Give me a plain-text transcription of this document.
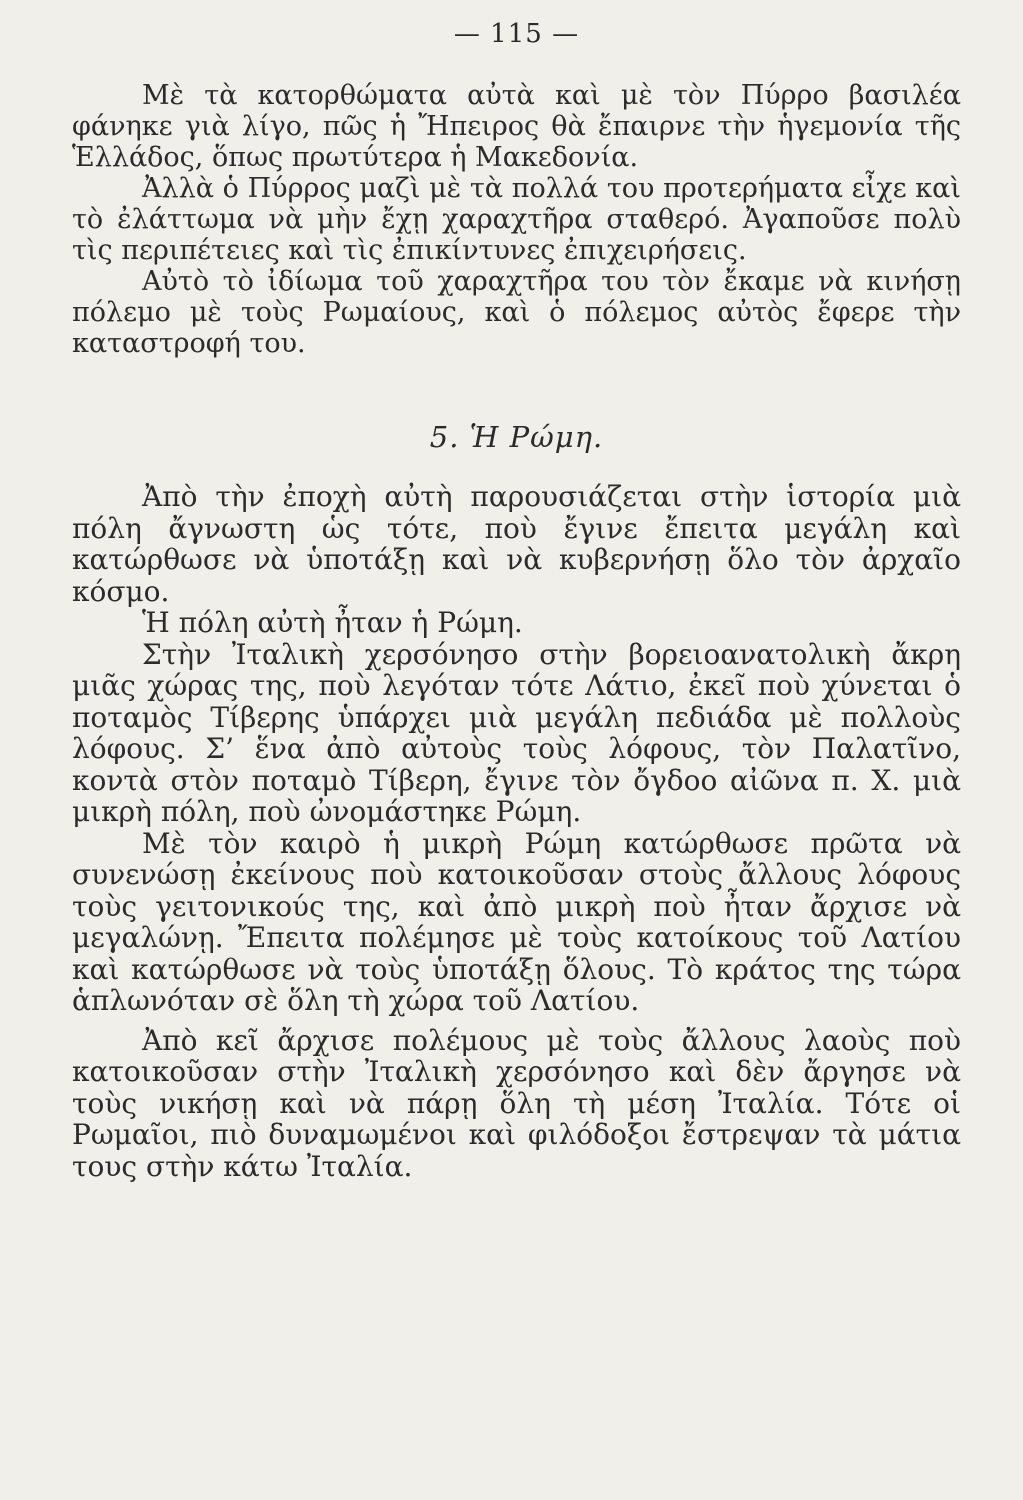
— 115 —

Μὲ τὰ κατορθώματα αὐτὰ καὶ μὲ τὸν Πύρρο βασιλέα φάνηκε γιὰ λίγο, πῶς ἡ Ἤπειρος θὰ ἔπαιρνε τὴν ἡγεμονία τῆς Ἑλλάδος, ὅπως πρωτύτερα ἡ Μακεδονία.

Ἀλλὰ ὁ Πύρρος μαζὶ μὲ τὰ πολλά του προτερήματα εἶχε καὶ τὸ ἐλάττωμα νὰ μὴν ἔχῃ χαραχτῆρα σταθερό. Ἀγαποῦσε πολὺ τὶς περιπέτειες καὶ τὶς ἐπικίντυνες ἐπιχειρήσεις.

Αὐτὸ τὸ ἰδίωμα τοῦ χαραχτῆρα του τὸν ἔκαμε νὰ κινήσῃ πόλεμο μὲ τοὺς Ρωμαίους, καὶ ὁ πόλεμος αὐτὸς ἔφερε τὴν καταστροφή του.

5. Ἡ Ρώμη.

Ἀπὸ τὴν ἐποχὴ αὐτὴ παρουσιάζεται στὴν ἱστορία μιὰ πόλη ἄγνωστη ὡς τότε, ποὺ ἔγινε ἔπειτα μεγάλη καὶ κατώρθωσε νὰ ὑποτάξῃ καὶ νὰ κυβερνήσῃ ὅλο τὸν ἀρχαῖο κόσμο.

Ἡ πόλη αὐτὴ ἦταν ἡ Ρώμη.

Στὴν Ἰταλικὴ χερσόνησο στὴν βορειοανατολικὴ ἄκρη μιᾶς χώρας της, ποὺ λεγόταν τότε Λάτιο, ἐκεῖ ποὺ χύνεται ὁ ποταμὸς Τίβερης ὑπάρχει μιὰ μεγάλη πεδιάδα μὲ πολλοὺς λόφους. Σ’ ἕνα ἀπὸ αὐτοὺς τοὺς λόφους, τὸν Παλατῖνο, κοντὰ στὸν ποταμὸ Τίβερη, ἔγινε τὸν ὄγδοο αἰῶνα π. Χ. μιὰ μικρὴ πόλη, ποὺ ὠνομάστηκε Ρώμη.

Μὲ τὸν καιρὸ ἡ μικρὴ Ρώμη κατώρθωσε πρῶτα νὰ συνενώσῃ ἐκείνους ποὺ κατοικοῦσαν στοὺς ἄλλους λόφους τοὺς γειτονικούς της, καὶ ἀπὸ μικρὴ ποὺ ἦταν ἄρχισε νὰ μεγαλώνῃ. Ἔπειτα πολέμησε μὲ τοὺς κατοίκους τοῦ Λατίου καὶ κατώρθωσε νὰ τοὺς ὑποτάξῃ ὅλους. Τὸ κράτος της τώρα ἁπλωνόταν σὲ ὅλη τὴ χώρα τοῦ Λατίου.

Ἀπὸ κεῖ ἄρχισε πολέμους μὲ τοὺς ἄλλους λαοὺς ποὺ κατοικοῦσαν στὴν Ἰταλικὴ χερσόνησο καὶ δὲν ἄργησε νὰ τοὺς νικήσῃ καὶ νὰ πάρῃ ὅλη τὴ μέση Ἰταλία. Τότε οἱ Ρωμαῖοι, πιὸ δυναμωμένοι καὶ φιλόδοξοι ἔστρεψαν τὰ μάτια τους στὴν κάτω Ἰταλία.
